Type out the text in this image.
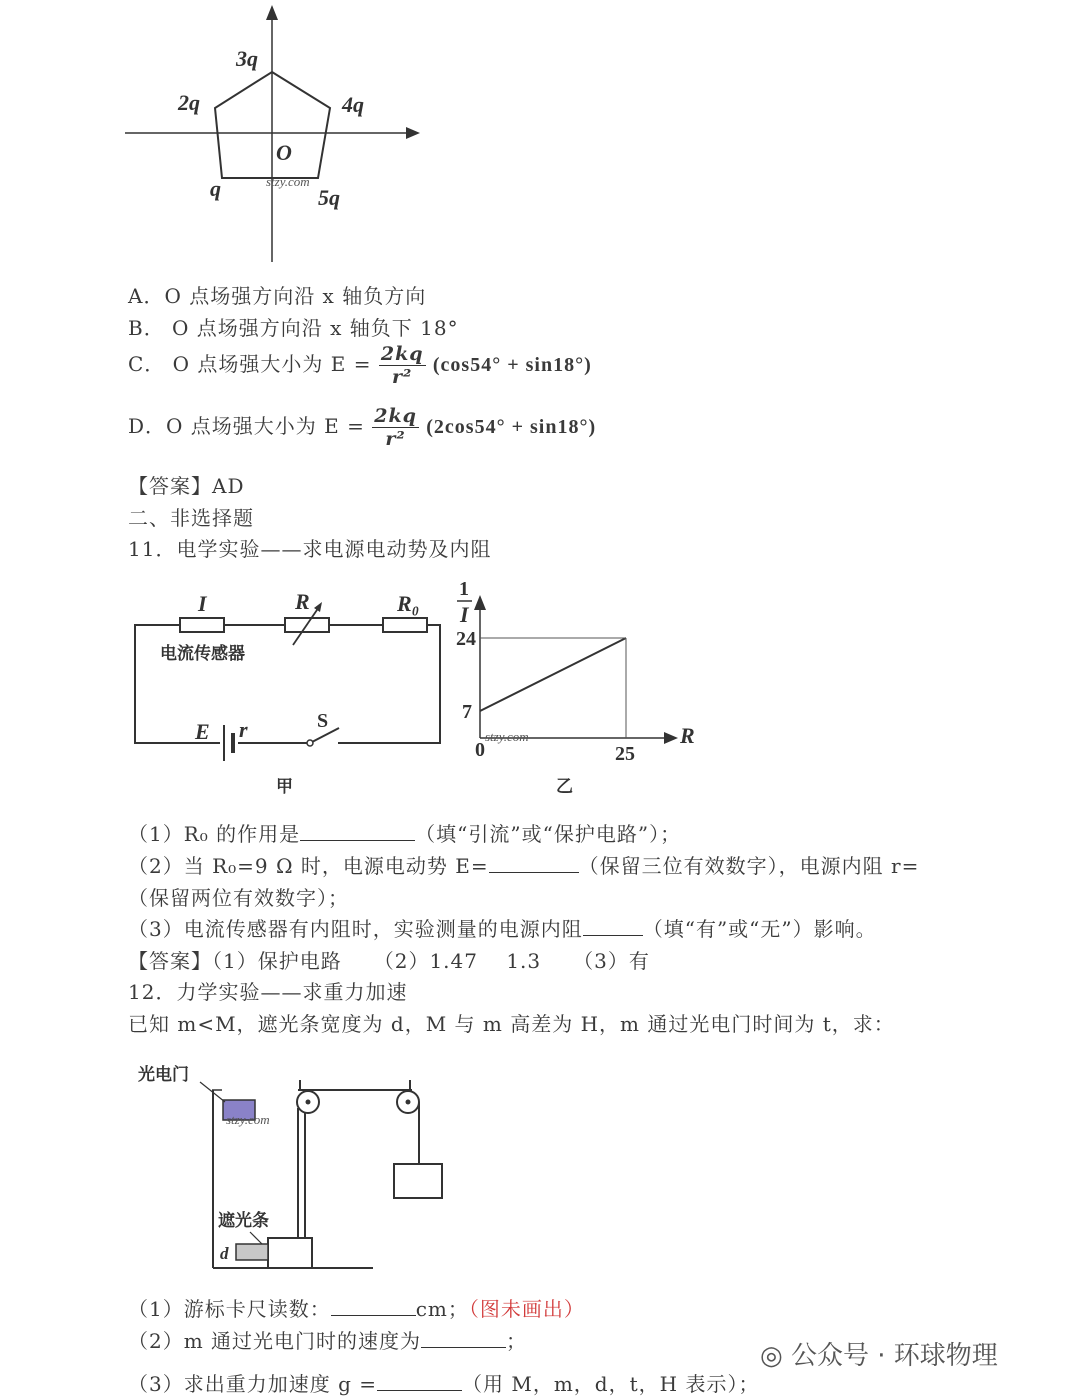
3q
2q	4q
O
q	5q
stzy.com
A．O 点场强方向沿 x 轴负方向
B． O 点场强方向沿 x 轴负下 18°
C． O 点场强大小为 $E = \frac{2kq}{\text{r²}} (\cos 54^\circ + \sin 18^\circ)$
D．O 点场强大小为 $E = \frac{2kq}{\text{r²}} (2\cos 54^\circ + \sin 18^\circ)$
【答案】AD
二、非选择题
11．电学实验——求电源电动势及内阻
I	R	R₀
电流传感器
E r	S
甲
1
I
R
24
7
0	25
stzy.com
乙
（1）R₀ 的作用是	（填“引流”或“保护电路”）；
（2）当 R₀=9 Ω 时，电源电动势 E=	（保留三位有效数字），电源内阻 r=
（保留两位有效数字）；
（3）电流传感器有内阻时，实验测量的电源内阻	（填“有”或“无”）影响。
【答案】（1）保护电路　　（2）1.47　 1.3　　（3）有
12．力学实验——求重力加速
已知 m<M，遮光条宽度为 d，M 与 m 高差为 H，m 通过光电门时间为 t，求：
光电门
遮光条
d
stzy.com
（1）游标卡尺读数：	cm；（图未画出）
（2）m 通过光电门时的速度为	；
（3）求出重力加速度 g =	（用 M，m，d，t，H 表示）；
◎ 公众号 · 环球物理
